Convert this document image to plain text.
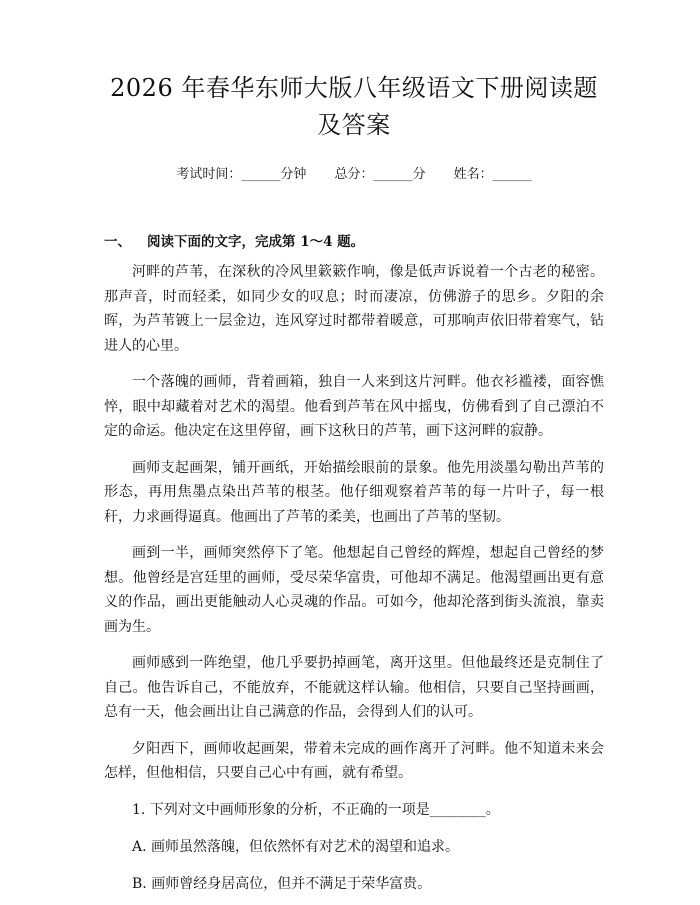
2026 年春华东师大版八年级语文下册阅读题
及答案
考试时间：______分钟 总分：______分 姓名：______
一、 阅读下面的文字，完成第 1～4 题。

河畔的芦苇，在深秋的冷风里簌簌作响，像是低声诉说着一个古老的秘密。那声音，时而轻柔，如同少女的叹息；时而凄凉，仿佛游子的思乡。夕阳的余晖，为芦苇镀上一层金边，连风穿过时都带着暖意，可那响声依旧带着寒气，钻进人的心里。

一个落魄的画师，背着画箱，独自一人来到这片河畔。他衣衫褴褛，面容憔悴，眼中却藏着对艺术的渴望。他看到芦苇在风中摇曳，仿佛看到了自己漂泊不定的命运。他决定在这里停留，画下这秋日的芦苇，画下这河畔的寂静。

画师支起画架，铺开画纸，开始描绘眼前的景象。他先用淡墨勾勒出芦苇的形态，再用焦墨点染出芦苇的根茎。他仔细观察着芦苇的每一片叶子，每一根秆，力求画得逼真。他画出了芦苇的柔美，也画出了芦苇的坚韧。

画到一半，画师突然停下了笔。他想起自己曾经的辉煌，想起自己曾经的梦想。他曾经是宫廷里的画师，受尽荣华富贵，可他却不满足。他渴望画出更有意义的作品，画出更能触动人心灵魂的作品。可如今，他却沦落到街头流浪，靠卖画为生。

画师感到一阵绝望，他几乎要扔掉画笔，离开这里。但他最终还是克制住了自己。他告诉自己，不能放弃，不能就这样认输。他相信，只要自己坚持画画，总有一天，他会画出让自己满意的作品，会得到人们的认可。

夕阳西下，画师收起画架，带着未完成的画作离开了河畔。他不知道未来会怎样，但他相信，只要自己心中有画，就有希望。

1. 下列对文中画师形象的分析，不正确的一项是________。

A. 画师虽然落魄，但依然怀有对艺术的渴望和追求。

B. 画师曾经身居高位，但并不满足于荣华富贵。
